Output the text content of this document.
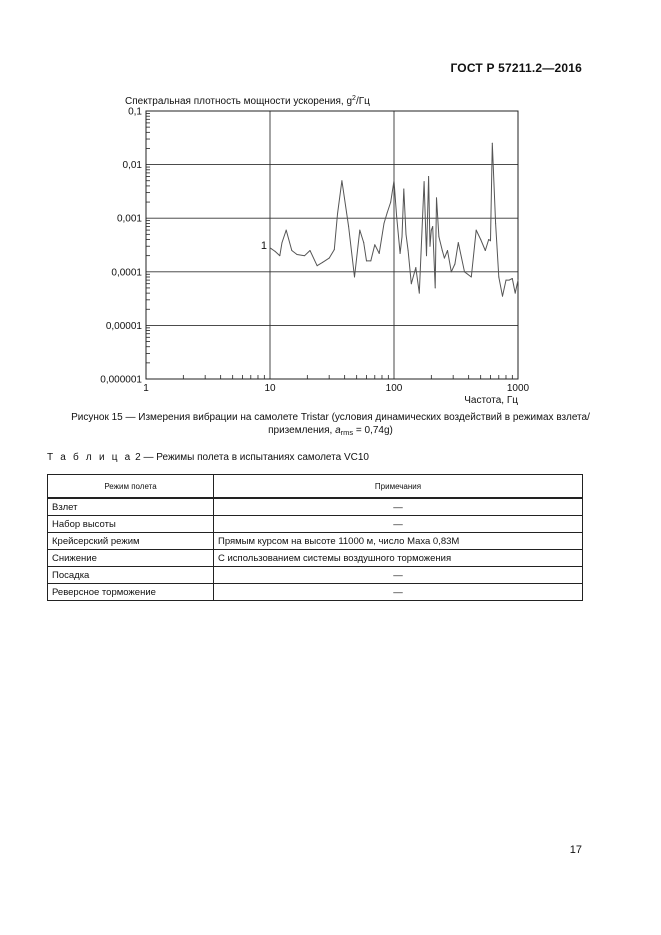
ГОСТ Р 57211.2—2016
0,1
0,01
0,001
0,0001
0,00001
0,000001
1	10	100	1000
Спектральная плотность мощности ускорения, $g^2/Гц$
Частота, Гц
1
Рисунок 15 — Измерения вибрации на самолете Tristar (условия динамических воздействий в режимах взлета/
приземления, $a_{rms} = 0,74g$)
Т а б л и ц а 2 — Режимы полета в испытаниях самолета VC10
Режим полета	Примечания
Взлет	—
Набор высоты	—
Крейсерский режим	Прямым курсом на высоте 11000 м, число Маха 0,83М
Снижение	С использованием системы воздушного торможения
Посадка	—
Реверсное торможение	—
17
